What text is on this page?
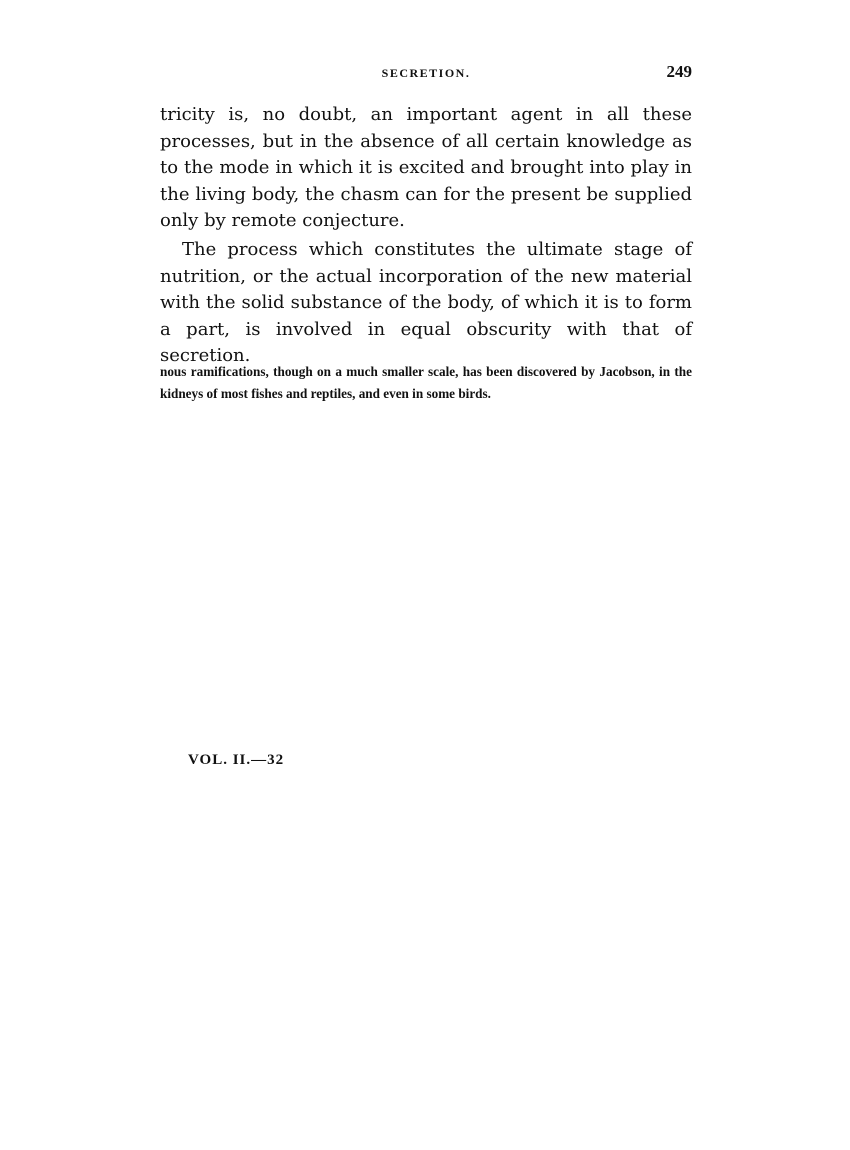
SECRETION.	249

tricity is, no doubt, an important agent in all these processes, but in the absence of all certain knowledge as to the mode in which it is excited and brought into play in the living body, the chasm can for the present be supplied only by remote conjecture.

The process which constitutes the ultimate stage of nutrition, or the actual incorporation of the new material with the solid substance of the body, of which it is to form a part, is involved in equal obscurity with that of secretion.

nous ramifications, though on a much smaller scale, has been discovered by Jacobson, in the kidneys of most fishes and reptiles, and even in some birds.

VOL. II.—32
